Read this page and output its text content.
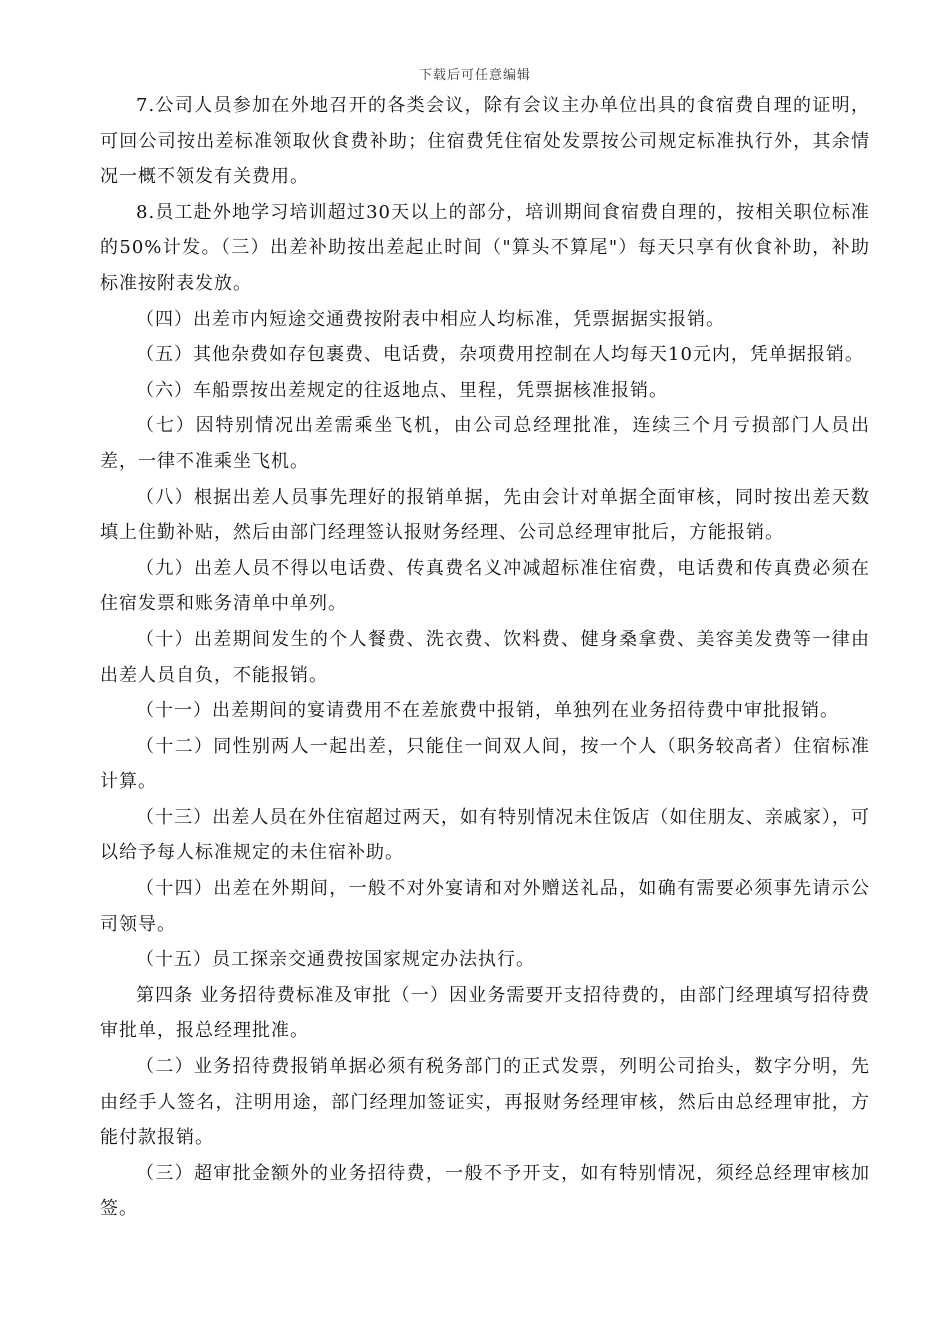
下载后可任意编辑

7.公司人员参加在外地召开的各类会议，除有会议主办单位出具的食宿费自理的证明，可回公司按出差标准领取伙食费补助；住宿费凭住宿处发票按公司规定标准执行外，其余情况一概不领发有关费用。

8.员工赴外地学习培训超过30天以上的部分，培训期间食宿费自理的，按相关职位标准的50%计发。（三）出差补助按出差起止时间（"算头不算尾"）每天只享有伙食补助，补助标准按附表发放。

（四）出差市内短途交通费按附表中相应人均标准，凭票据据实报销。

（五）其他杂费如存包裹费、电话费，杂项费用控制在人均每天10元内，凭单据报销。

（六）车船票按出差规定的往返地点、里程，凭票据核准报销。

（七）因特别情况出差需乘坐飞机，由公司总经理批准，连续三个月亏损部门人员出差，一律不准乘坐飞机。

（八）根据出差人员事先理好的报销单据，先由会计对单据全面审核，同时按出差天数填上住勤补贴，然后由部门经理签认报财务经理、公司总经理审批后，方能报销。

（九）出差人员不得以电话费、传真费名义冲减超标准住宿费，电话费和传真费必须在住宿发票和账务清单中单列。

（十）出差期间发生的个人餐费、洗衣费、饮料费、健身桑拿费、美容美发费等一律由出差人员自负，不能报销。

（十一）出差期间的宴请费用不在差旅费中报销，单独列在业务招待费中审批报销。

（十二）同性别两人一起出差，只能住一间双人间，按一个人（职务较高者）住宿标准计算。

（十三）出差人员在外住宿超过两天，如有特别情况未住饭店（如住朋友、亲戚家），可以给予每人标准规定的未住宿补助。

（十四）出差在外期间，一般不对外宴请和对外赠送礼品，如确有需要必须事先请示公司领导。

（十五）员工探亲交通费按国家规定办法执行。

第四条 业务招待费标准及审批（一）因业务需要开支招待费的，由部门经理填写招待费审批单，报总经理批准。

（二）业务招待费报销单据必须有税务部门的正式发票，列明公司抬头，数字分明，先由经手人签名，注明用途，部门经理加签证实，再报财务经理审核，然后由总经理审批，方能付款报销。

（三）超审批金额外的业务招待费，一般不予开支，如有特别情况，须经总经理审核加签。
